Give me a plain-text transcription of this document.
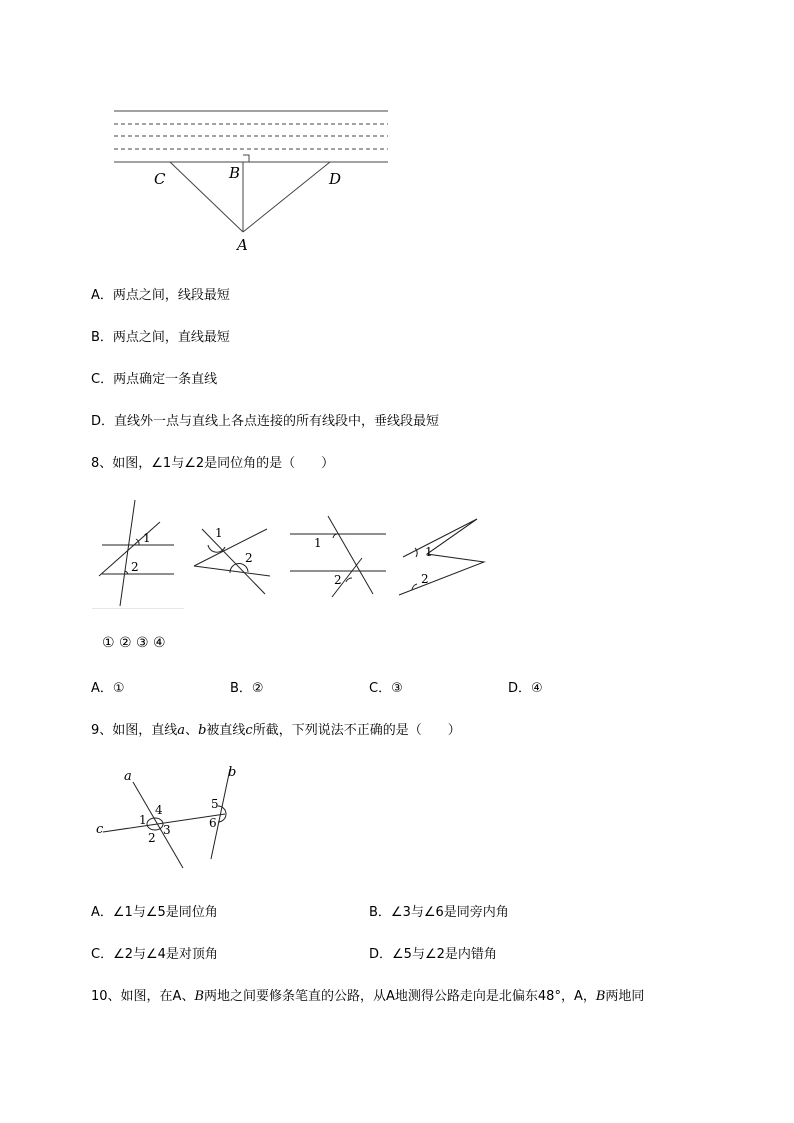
C	B	D
A
A．两点之间，线段最短
B．两点之间，直线最短
C．两点确定一条直线
D．直线外一点与直线上各点连接的所有线段中，垂线段最短
8、如图，∠1与∠2是同位角的是（　　）
1
2
1
2
1
2
1
2
① ② ③ ④
A．①	B．②	C．③	D．④
9、如图，直线a、b被直线c所截，下列说法不正确的是（　　）
a	b
c
1
2
3
4	5
6
A．∠1与∠5是同位角	B．∠3与∠6是同旁内角
C．∠2与∠4是对顶角	D．∠5与∠2是内错角
10、如图，在A、B两地之间要修条笔直的公路，从A地测得公路走向是北偏东48°，A，B两地同
